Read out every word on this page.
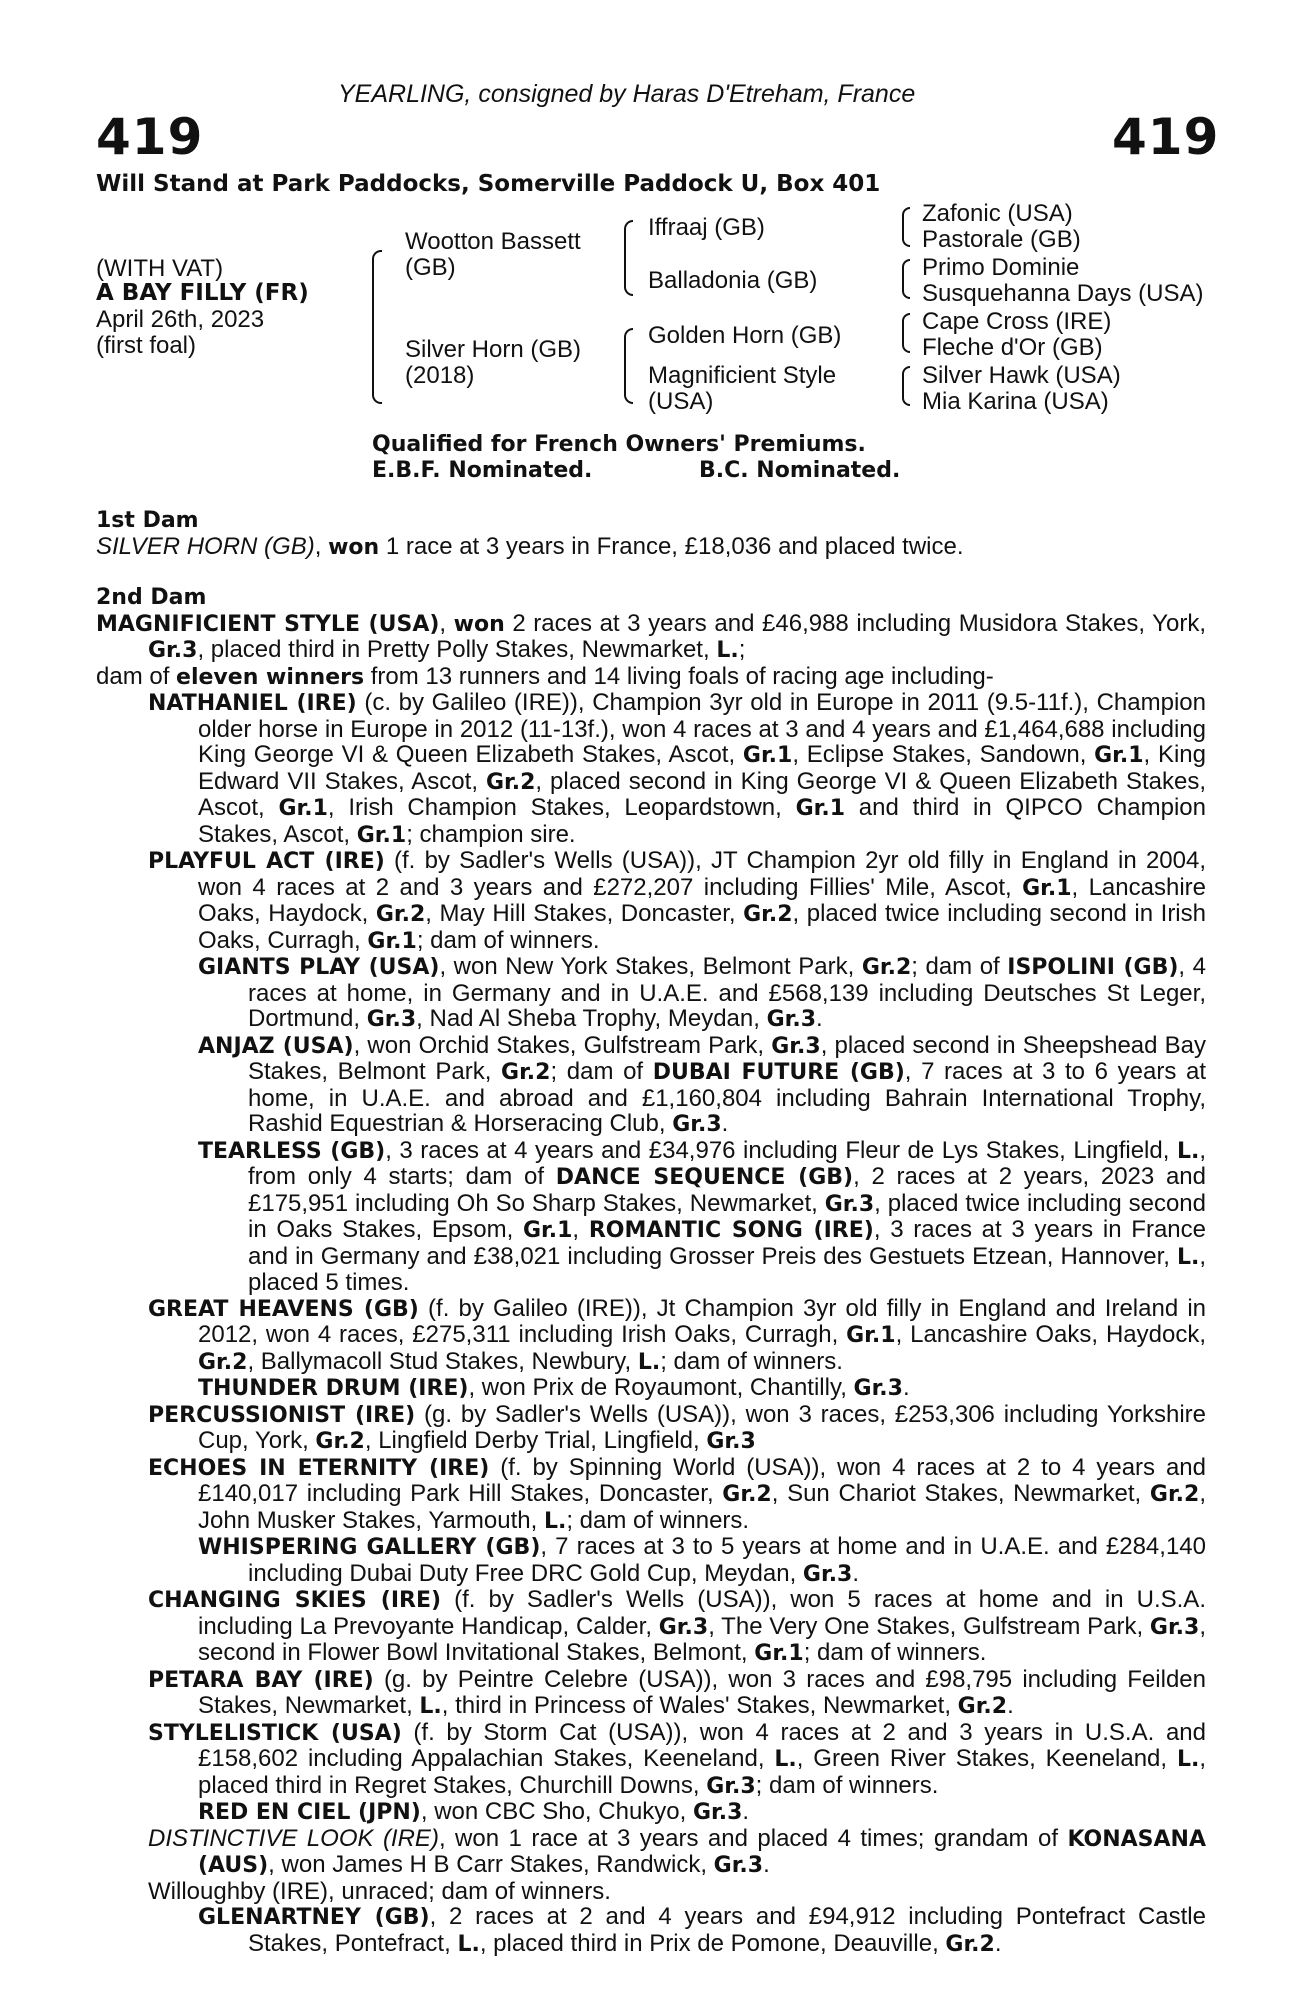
YEARLING, consigned by Haras D'Etreham, France
419	419
Will Stand at Park Paddocks, Somerville Paddock U, Box 401
(WITH VAT)
A BAY FILLY (FR)
April 26th, 2023
(first foal)
Wootton Bassett
(GB)
Silver Horn (GB)
(2018)
Iffraaj (GB)
Balladonia (GB)
Golden Horn (GB)
Magnificient Style
(USA)
Zafonic (USA)
Pastorale (GB)
Primo Dominie
Susquehanna Days (USA)
Cape Cross (IRE)
Fleche d'Or (GB)
Silver Hawk (USA)
Mia Karina (USA)
Qualified for French Owners' Premiums.
E.B.F. Nominated.	B.C. Nominated.
1st Dam
SILVER HORN (GB), won 1 race at 3 years in France, £18,036 and placed twice.
2nd Dam
MAGNIFICIENT STYLE (USA), won 2 races at 3 years and £46,988 including Musidora Stakes, York, Gr.3, placed third in Pretty Polly Stakes, Newmarket, L.;
dam of eleven winners from 13 runners and 14 living foals of racing age including-
NATHANIEL (IRE) (c. by Galileo (IRE)), Champion 3yr old in Europe in 2011 (9.5-11f.), Champion older horse in Europe in 2012 (11-13f.), won 4 races at 3 and 4 years and £1,464,688 including King George VI & Queen Elizabeth Stakes, Ascot, Gr.1, Eclipse Stakes, Sandown, Gr.1, King Edward VII Stakes, Ascot, Gr.2, placed second in King George VI & Queen Elizabeth Stakes, Ascot, Gr.1, Irish Champion Stakes, Leopardstown, Gr.1 and third in QIPCO Champion Stakes, Ascot, Gr.1; champion sire.
PLAYFUL ACT (IRE) (f. by Sadler's Wells (USA)), JT Champion 2yr old filly in England in 2004, won 4 races at 2 and 3 years and £272,207 including Fillies' Mile, Ascot, Gr.1, Lancashire Oaks, Haydock, Gr.2, May Hill Stakes, Doncaster, Gr.2, placed twice including second in Irish Oaks, Curragh, Gr.1; dam of winners.
GIANTS PLAY (USA), won New York Stakes, Belmont Park, Gr.2; dam of ISPOLINI (GB), 4 races at home, in Germany and in U.A.E. and £568,139 including Deutsches St Leger, Dortmund, Gr.3, Nad Al Sheba Trophy, Meydan, Gr.3.
ANJAZ (USA), won Orchid Stakes, Gulfstream Park, Gr.3, placed second in Sheepshead Bay Stakes, Belmont Park, Gr.2; dam of DUBAI FUTURE (GB), 7 races at 3 to 6 years at home, in U.A.E. and abroad and £1,160,804 including Bahrain International Trophy, Rashid Equestrian & Horseracing Club, Gr.3.
TEARLESS (GB), 3 races at 4 years and £34,976 including Fleur de Lys Stakes, Lingfield, L., from only 4 starts; dam of DANCE SEQUENCE (GB), 2 races at 2 years, 2023 and £175,951 including Oh So Sharp Stakes, Newmarket, Gr.3, placed twice including second in Oaks Stakes, Epsom, Gr.1, ROMANTIC SONG (IRE), 3 races at 3 years in France and in Germany and £38,021 including Grosser Preis des Gestuets Etzean, Hannover, L., placed 5 times.
GREAT HEAVENS (GB) (f. by Galileo (IRE)), Jt Champion 3yr old filly in England and Ireland in 2012, won 4 races, £275,311 including Irish Oaks, Curragh, Gr.1, Lancashire Oaks, Haydock, Gr.2, Ballymacoll Stud Stakes, Newbury, L.; dam of winners.
THUNDER DRUM (IRE), won Prix de Royaumont, Chantilly, Gr.3.
PERCUSSIONIST (IRE) (g. by Sadler's Wells (USA)), won 3 races, £253,306 including Yorkshire Cup, York, Gr.2, Lingfield Derby Trial, Lingfield, Gr.3
ECHOES IN ETERNITY (IRE) (f. by Spinning World (USA)), won 4 races at 2 to 4 years and £140,017 including Park Hill Stakes, Doncaster, Gr.2, Sun Chariot Stakes, Newmarket, Gr.2, John Musker Stakes, Yarmouth, L.; dam of winners.
WHISPERING GALLERY (GB), 7 races at 3 to 5 years at home and in U.A.E. and £284,140 including Dubai Duty Free DRC Gold Cup, Meydan, Gr.3.
CHANGING SKIES (IRE) (f. by Sadler's Wells (USA)), won 5 races at home and in U.S.A. including La Prevoyante Handicap, Calder, Gr.3, The Very One Stakes, Gulfstream Park, Gr.3, second in Flower Bowl Invitational Stakes, Belmont, Gr.1; dam of winners.
PETARA BAY (IRE) (g. by Peintre Celebre (USA)), won 3 races and £98,795 including Feilden Stakes, Newmarket, L., third in Princess of Wales' Stakes, Newmarket, Gr.2.
STYLELISTICK (USA) (f. by Storm Cat (USA)), won 4 races at 2 and 3 years in U.S.A. and £158,602 including Appalachian Stakes, Keeneland, L., Green River Stakes, Keeneland, L., placed third in Regret Stakes, Churchill Downs, Gr.3; dam of winners.
RED EN CIEL (JPN), won CBC Sho, Chukyo, Gr.3.
DISTINCTIVE LOOK (IRE), won 1 race at 3 years and placed 4 times; grandam of KONASANA (AUS), won James H B Carr Stakes, Randwick, Gr.3.
Willoughby (IRE), unraced; dam of winners.
GLENARTNEY (GB), 2 races at 2 and 4 years and £94,912 including Pontefract Castle Stakes, Pontefract, L., placed third in Prix de Pomone, Deauville, Gr.2.
